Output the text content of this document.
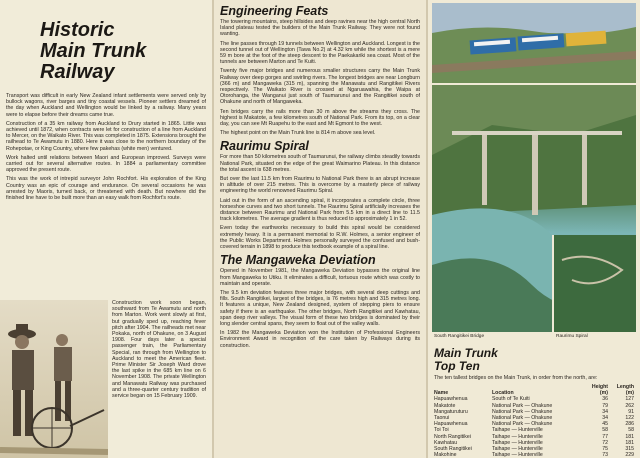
Historic
Main Trunk Railway

Transport was difficult in early New Zealand infant settlements were served only by bullock wagons, river barges and tiny coastal vessels. Pioneer settlers dreamed of the day when Auckland and Wellington would be linked by a railway. Many years were to elapse before their dreams came true.

Construction of a 35 km railway from Auckland to Drury started in 1865. Little was achieved until 1872, when contracts were let for construction of a line from Auckland to Mercer, on the Waikato River. This was completed in 1875. Extensions brought the railhead to Te Awamutu in 1880. Here it was close to the northern boundary of the Rohepotae, or King Country, where few pakehas (white men) ventured.

Work halted until relations between Maori and European improved. Surveys were carried out for several alternative routes. In 1884 a parliamentary committee approved the present route.

This was the work of intrepid surveyor John Rochfort. His exploration of the King Country was an epic of courage and endurance. On several occasions he was arrested by Maoris, turned back, or threatened with death. But nowhere did the finished line have to be built more than an easy walk from Rochfort's route.

Construction work soon began, southward from Te Awamutu and north from Marton. Work went slowly at first, but gradually sped up, reaching fever pitch after 1904. The railheads met near Pokaka, north of Ohakune, on 3 August 1908. Four days later a special passenger train, the Parliamentary Special, ran through from Wellington to Auckland to meet the American fleet. Prime Minister Sir Joseph Ward drove the last spike in the 685 km line on 6 November 1908. The private Wellington and Manawatu Railway was purchased and a three-quarter century tradition of service began on 15 February 1909.

Engineering Feats

The towering mountains, steep hillsides and deep ravines near the high central North Island plateau tested the builders of the Main Trunk Railway. They were not found wanting.

The line passes through 19 tunnels between Wellington and Auckland. Longest is the second tunnel out of Wellington (Tawa No.2) at 4.32 km while the shortest is a mere 59 m bore at the foot of the steep descent to the Paekakariki sea coast. Most of the tunnels are between Marton and Te Kuiti.

Twenty five major bridges and numerous smaller structures carry the Main Trunk Railway over deep gorges and swirling rivers. The longest bridges are near Longburn (366 m) and Mangaweka (315 m), spanning the Manawatu and Rangitikei Rivers respectively. The Waikato River is crossed at Ngaruawahia, the Waipa at Otorohanga, the Wanganui just south of Taumarunui and the Rangitikei south of Ohakune and north of Mangaweka.

Ten bridges carry the rails more than 30 m above the streams they cross. The highest is Makatote, a few kilometres south of National Park. From its top, on a clear day, you can see Mt Ruapehu to the east and Mt Egmont to the west.

The highest point on the Main Trunk line is 814 m above sea level.

Raurimu Spiral

For more than 50 kilometres south of Taumarunui, the railway climbs steadily towards National Park, situated on the edge of the great Waimarino Plateau. In this distance the total ascent is 638 metres.

But over the last 11.5 km from Raurimu to National Park there is an abrupt increase in altitude of over 215 metres. This is overcome by a masterly piece of railway engineering the world renowned Raurimu Spiral.

Laid out in the form of an ascending spiral, it incorporates a complete circle, three horseshoe curves and two short tunnels. The Raurimu Spiral artificially increases the distance between Raurimu and National Park from 5.5 km in a direct line to 11.5 track kilometres. The average gradient is thus reduced to approximately 1 in 52.

Even today the earthworks necessary to build this spiral would be considered extremely heavy. It is a permanent memorial to R.W. Holmes, a senior engineer of the Public Works Department. Holmes personally surveyed the confused and bush-covered terrain in 1898 to produce this textbook example of a spiral line.

The Mangaweka Deviation

Opened in November 1981, the Mangaweka Deviation bypasses the original line from Mangaweka to Utiku. It eliminates a difficult, tortuous route which was costly to maintain and operate.

The 9.5 km deviation features three major bridges, with several deep cuttings and fills. South Rangitikei, largest of the bridges, is 76 metres high and 315 metres long. It features a unique, New Zealand designed, system of stepping piers to ensure safety if there is an earthquake. The other bridges, North Rangitikei and Kawhatau, span deep river valleys. The visual form of these two bridges is dominated by their long slender central spans, they seem to float out of the valley walls.

In 1982 the Mangaweka Deviation won the Institution of Professional Engineers Environment Award in recognition of the care taken by Railways during its construction.

South Rangitikei Bridge	Raurimu Spiral
Main Trunk
Top Ten

The ten tallest bridges on the Main Trunk, in order from the north, are:

Name	Location	Height (m)	Length (m)
Hapuawhenua	South of Te Kuiti	36	127
Makatote	National Park — Ohakune	79	262
Mangaturuturu	National Park — Ohakune	34	91
Taonui	National Park — Ohakune	34	122
Hapuawhenua	National Park — Ohakune	45	286
Toi Toi	Taihape — Hunterville	58	58
North Rangitikei	Taihape — Hunterville	77	181
Kawhatau	Taihape — Hunterville	72	181
South Rangitikei	Taihape — Hunterville	75	315
Makohine	Taihape — Hunterville	73	229
